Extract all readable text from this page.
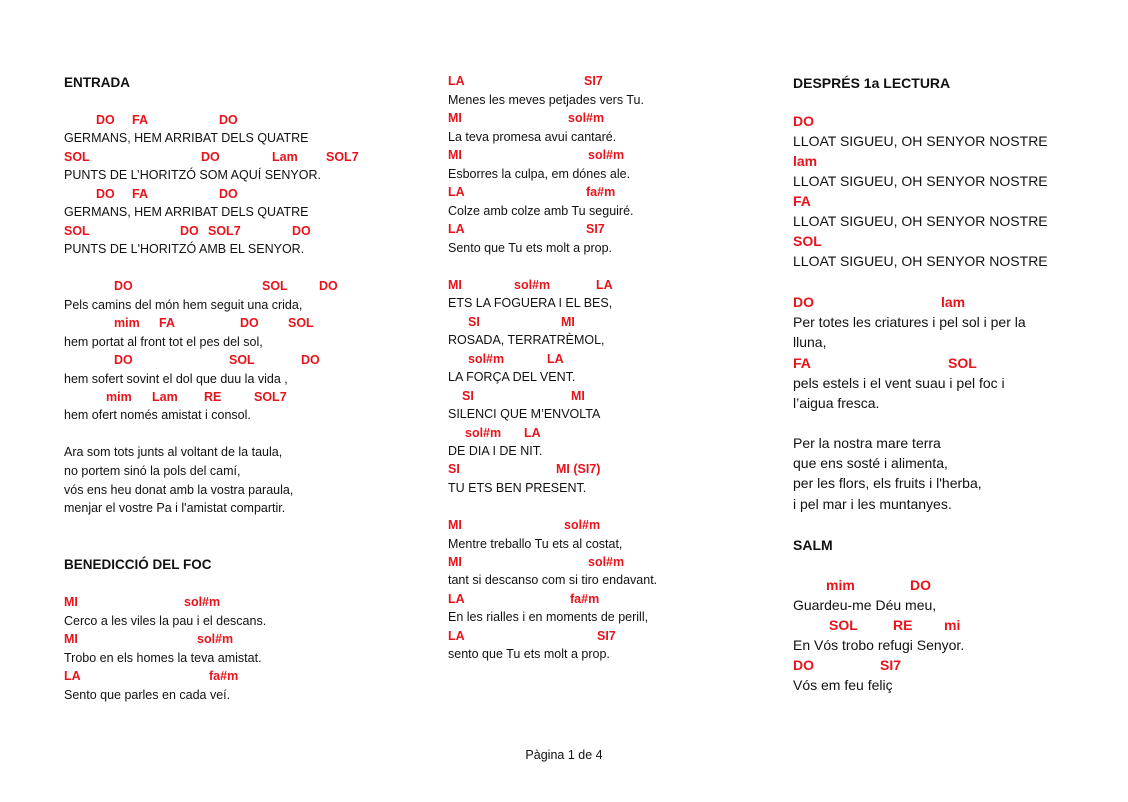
ENTRADA

DO

FA

	DO

GERMANS, HEM ARRIBAT DELS QUATRE

SOL

	DO

	Lam

SOL7

PUNTS DE L’HORITZÓ SOM AQUÍ SENYOR.

DO

FA

	DO

GERMANS, HEM ARRIBAT DELS QUATRE

SOL

	DO

SOL7

	DO

PUNTS DE L'HORITZÓ AMB EL SENYOR.

DO

	SOL

	DO

Pels camins del món hem seguit una crida,

mim

FA

	DO

SOL

hem portat al front tot el pes del sol,

DO

	SOL

	DO

hem sofert sovint el dol que duu la vida ,

mim

Lam

RE

	SOL7

hem ofert només amistat i consol.
Ara som tots junts al voltant de la taula,
no portem sinó la pols del camí,
vós ens heu donat amb la vostra paraula,
menjar el vostre Pa i l'amistat compartir.
BENEDICCIÓ DEL FOC

MI

	sol#m

Cerco a les viles la pau i el descans.

MI

	sol#m

Trobo en els homes la teva amistat.

LA

	fa#m

Sento que parles en cada veí.

LA

	SI7

Menes les meves petjades vers Tu.

MI

	sol#m

La teva promesa avui cantaré.

MI

	sol#m

Esborres la culpa, em dónes ale.

LA

	fa#m

Colze amb colze amb Tu seguiré.

LA

	SI7

Sento que Tu ets molt a prop.

MI

	sol#m

	LA

ETS LA FOGUERA I EL BES,

SI

	MI

ROSADA, TERRATRÈMOL,

sol#m

	LA

LA FORÇA DEL VENT.

SI

	MI

SILENCI QUE M’ENVOLTA

sol#m

LA

DE DIA I DE NIT.

SI

	MI (SI7)

TU ETS BEN PRESENT.

MI

	sol#m

Mentre treballo Tu ets al costat,

MI

	sol#m

tant si descanso com si tiro endavant.

LA

	fa#m

En les rialles i en moments de perill,

LA

	SI7

sento que Tu ets molt a prop.
DESPRÉS 1a LECTURA
DO
LLOAT SIGUEU, OH SENYOR NOSTRE
lam
LLOAT SIGUEU, OH SENYOR NOSTRE
FA
LLOAT SIGUEU, OH SENYOR NOSTRE
SOL
LLOAT SIGUEU, OH SENYOR NOSTRE

DO

	lam

Per totes les criatures i pel sol i per la
lluna,

FA

	SOL

pels estels i el vent suau i pel foc i
l’aigua fresca.
Per la nostra mare terra
que ens sosté i alimenta,
per les flors, els fruits i l'herba,
i pel mar i les muntanyes.
SALM

mim

	DO

Guardeu-me Déu meu,

SOL

	RE

mi

En Vós trobo refugi Senyor.

DO

	SI7

Vós em feu feliç
Pàgina 1 de 4
